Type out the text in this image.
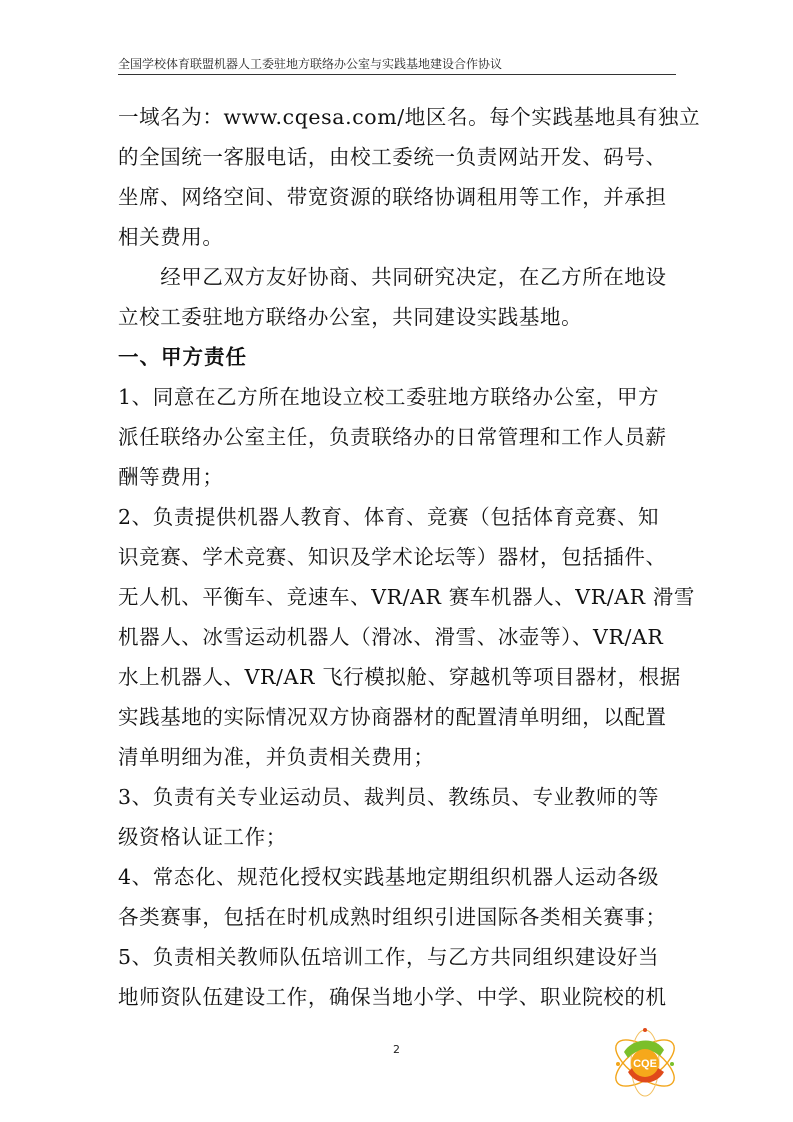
全国学校体育联盟机器人工委驻地方联络办公室与实践基地建设合作协议
一域名为：www.cqesa.com/地区名。每个实践基地具有独立
的全国统一客服电话，由校工委统一负责网站开发、码号、
坐席、网络空间、带宽资源的联络协调租用等工作，并承担
相关费用。
　　经甲乙双方友好协商、共同研究决定，在乙方所在地设
立校工委驻地方联络办公室，共同建设实践基地。
一、甲方责任
1、同意在乙方所在地设立校工委驻地方联络办公室，甲方
派任联络办公室主任，负责联络办的日常管理和工作人员薪
酬等费用；
2、负责提供机器人教育、体育、竞赛（包括体育竞赛、知
识竞赛、学术竞赛、知识及学术论坛等）器材，包括插件、
无人机、平衡车、竞速车、VR/AR 赛车机器人、VR/AR 滑雪
机器人、冰雪运动机器人（滑冰、滑雪、冰壶等）、VR/AR
水上机器人、VR/AR 飞行模拟舱、穿越机等项目器材，根据
实践基地的实际情况双方协商器材的配置清单明细，以配置
清单明细为准，并负责相关费用；
3、负责有关专业运动员、裁判员、教练员、专业教师的等
级资格认证工作；
4、常态化、规范化授权实践基地定期组织机器人运动各级
各类赛事，包括在时机成熟时组织引进国际各类相关赛事；
5、负责相关教师队伍培训工作，与乙方共同组织建设好当
地师资队伍建设工作，确保当地小学、中学、职业院校的机
2
CQE
